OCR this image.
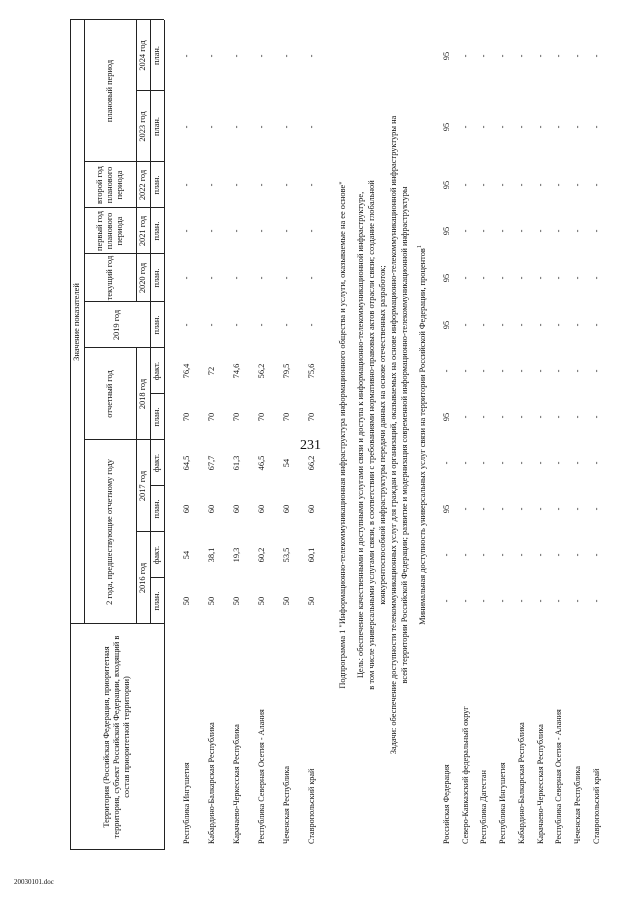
231
20030101.doc
Территория (Российская Федерация, приоритетная территория, субъект Российской Федерации, входящий в состав приоритетной территории)
Значение показателей
2 года, предшествующие отчетному году
отчетный год
2019 год
текущий год
первый год планового периода
второй год планового периода
плановый период
2016 год
2017 год
2018 год
2020 год
2021 год
2022 год
2023 год
2024 год
план.
факт.
план.
факт.
план.
факт.
план.
план.
план.
план.
план.
план.
Республика Ингушетия
50
54
60
64,5
70
76,4
-
-
-
-
-
-
Кабардино-Балкарская Республика
50
38,1
60
67,7
70
72
-
-
-
-
-
-
Карачаево-Черкесская Республика
50
19,3
60
61,3
70
74,6
-
-
-
-
-
-
Республика Северная Осетия - Алания
50
60,2
60
46,5
70
56,2
-
-
-
-
-
-
Чеченская Республика
50
53,5
60
54
70
79,5
-
-
-
-
-
-
Ставропольский край
50
60,1
60
66,2
70
75,6
-
-
-
-
-
-
Подпрограмма 1 "Информационно-телекоммуникационная инфраструктура информационного общества и услуги, оказываемые на ее основе" Цель: обеспечение качественными и доступными услугами связи и доступа к информационно-телекоммуникационной инфраструктуре, в том числе универсальными услугами связи, в соответствии с требованиями нормативно-правовых актов отрасли связи; создание глобальной конкурентоспособной инфраструктуры передачи данных на основе отечественных разработок; Задачи: обеспечение доступности телекоммуникационных услуг для граждан и организаций, оказываемых на основе информационно-телекоммуникационной инфраструктуры на всей территории Российской Федерации; развитие и модернизация современной информационно-телекоммуникационной инфраструктуры Минимальная доступность универсальных услуг связи на территории Российской Федерации, процентов$^1$
Российская Федерация
-
-
95
-
95
-
95
95
95
95
95
95
Северо-Кавказский федеральный округ
-
-
-
-
-
-
-
-
-
-
-
-
Республика Дагестан
-
-
-
-
-
-
-
-
-
-
-
-
Республика Ингушетия
-
-
-
-
-
-
-
-
-
-
-
-
Кабардино-Балкарская Республика
-
-
-
-
-
-
-
-
-
-
-
-
Карачаево-Черкесская Республика
-
-
-
-
-
-
-
-
-
-
-
-
Республика Северная Осетия - Алания
-
-
-
-
-
-
-
-
-
-
-
-
Чеченская Республика
-
-
-
-
-
-
-
-
-
-
-
-
Ставропольский край
-
-
-
-
-
-
-
-
-
-
-
-
